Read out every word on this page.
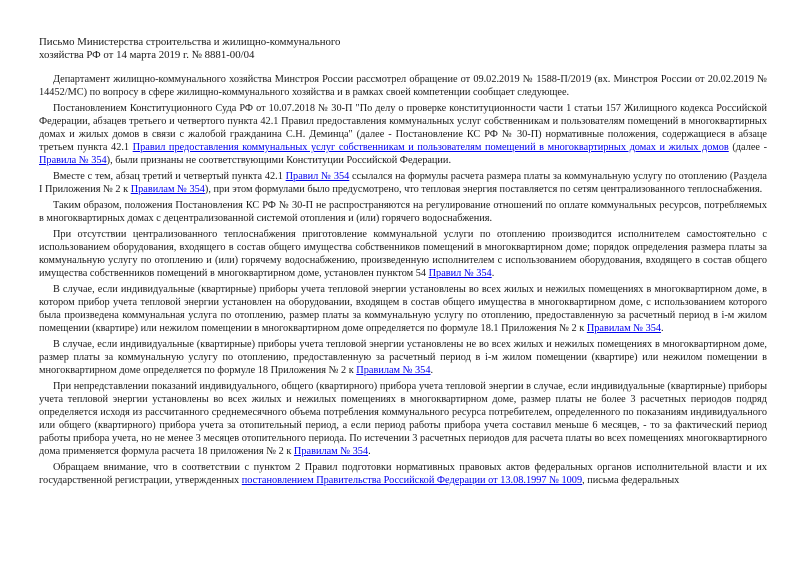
Письмо Министерства строительства и жилищно-коммунального
хозяйства РФ от 14 марта 2019 г. № 8881-00/04

Департамент жилищно-коммунального хозяйства Минстроя России рассмотрел обращение от 09.02.2019 № 1588-П/2019 (вх. Минстроя России от 20.02.2019 № 14452/МС) по вопросу в сфере жилищно-коммунального хозяйства и в рамках своей компетенции сообщает следующее.

Постановлением Конституционного Суда РФ от 10.07.2018 № 30-П "По делу о проверке конституционности части 1 статьи 157 Жилищного кодекса Российской Федерации, абзацев третьего и четвертого пункта 42.1 Правил предоставления коммунальных услуг собственникам и пользователям помещений в многоквартирных домах и жилых домов в связи с жалобой гражданина С.Н. Деминца" (далее - Постановление КС РФ № 30-П) нормативные положения, содержащиеся в абзаце третьем пункта 42.1 Правил предоставления коммунальных услуг собственникам и пользователям помещений в многоквартирных домах и жилых домов (далее - Правила № 354), были признаны не соответствующими Конституции Российской Федерации.

Вместе с тем, абзац третий и четвертый пункта 42.1 Правил № 354 ссылался на формулы расчета размера платы за коммунальную услугу по отоплению (Раздела I Приложения № 2 к Правилам № 354), при этом формулами было предусмотрено, что тепловая энергия поставляется по сетям централизованного теплоснабжения.

Таким образом, положения Постановления КС РФ № 30-П не распространяются на регулирование отношений по оплате коммунальных ресурсов, потребляемых в многоквартирных домах с децентрализованной системой отопления и (или) горячего водоснабжения.

При отсутствии централизованного теплоснабжения приготовление коммунальной услуги по отоплению производится исполнителем самостоятельно с использованием оборудования, входящего в состав общего имущества собственников помещений в многоквартирном доме; порядок определения размера платы за коммунальную услугу по отоплению и (или) горячему водоснабжению, произведенную исполнителем с использованием оборудования, входящего в состав общего имущества собственников помещений в многоквартирном доме, установлен пунктом 54 Правил № 354.

В случае, если индивидуальные (квартирные) приборы учета тепловой энергии установлены во всех жилых и нежилых помещениях в многоквартирном доме, в котором прибор учета тепловой энергии установлен на оборудовании, входящем в состав общего имущества в многоквартирном доме, с использованием которого была произведена коммунальная услуга по отоплению, размер платы за коммунальную услугу по отоплению, предоставленную за расчетный период в i-м жилом помещении (квартире) или нежилом помещении в многоквартирном доме определяется по формуле 18.1 Приложения № 2 к Правилам № 354.

В случае, если индивидуальные (квартирные) приборы учета тепловой энергии установлены не во всех жилых и нежилых помещениях в многоквартирном доме, размер платы за коммунальную услугу по отоплению, предоставленную за расчетный период в i-м жилом помещении (квартире) или нежилом помещении в многоквартирном доме определяется по формуле 18 Приложения № 2 к Правилам № 354.

При непредставлении показаний индивидуального, общего (квартирного) прибора учета тепловой энергии в случае, если индивидуальные (квартирные) приборы учета тепловой энергии установлены во всех жилых и нежилых помещениях в многоквартирном доме, размер платы не более 3 расчетных периодов подряд определяется исходя из рассчитанного среднемесячного объема потребления коммунального ресурса потребителем, определенного по показаниям индивидуального или общего (квартирного) прибора учета за отопительный период, а если период работы прибора учета составил меньше 6 месяцев, - то за фактический период работы прибора учета, но не менее 3 месяцев отопительного периода. По истечении 3 расчетных периодов для расчета платы во всех помещениях многоквартирного дома применяется формула расчета 18 приложения № 2 к Правилам № 354.

Обращаем внимание, что в соответствии с пунктом 2 Правил подготовки нормативных правовых актов федеральных органов исполнительной власти и их государственной регистрации, утвержденных постановлением Правительства Российской Федерации от 13.08.1997 № 1009, письма федеральных
